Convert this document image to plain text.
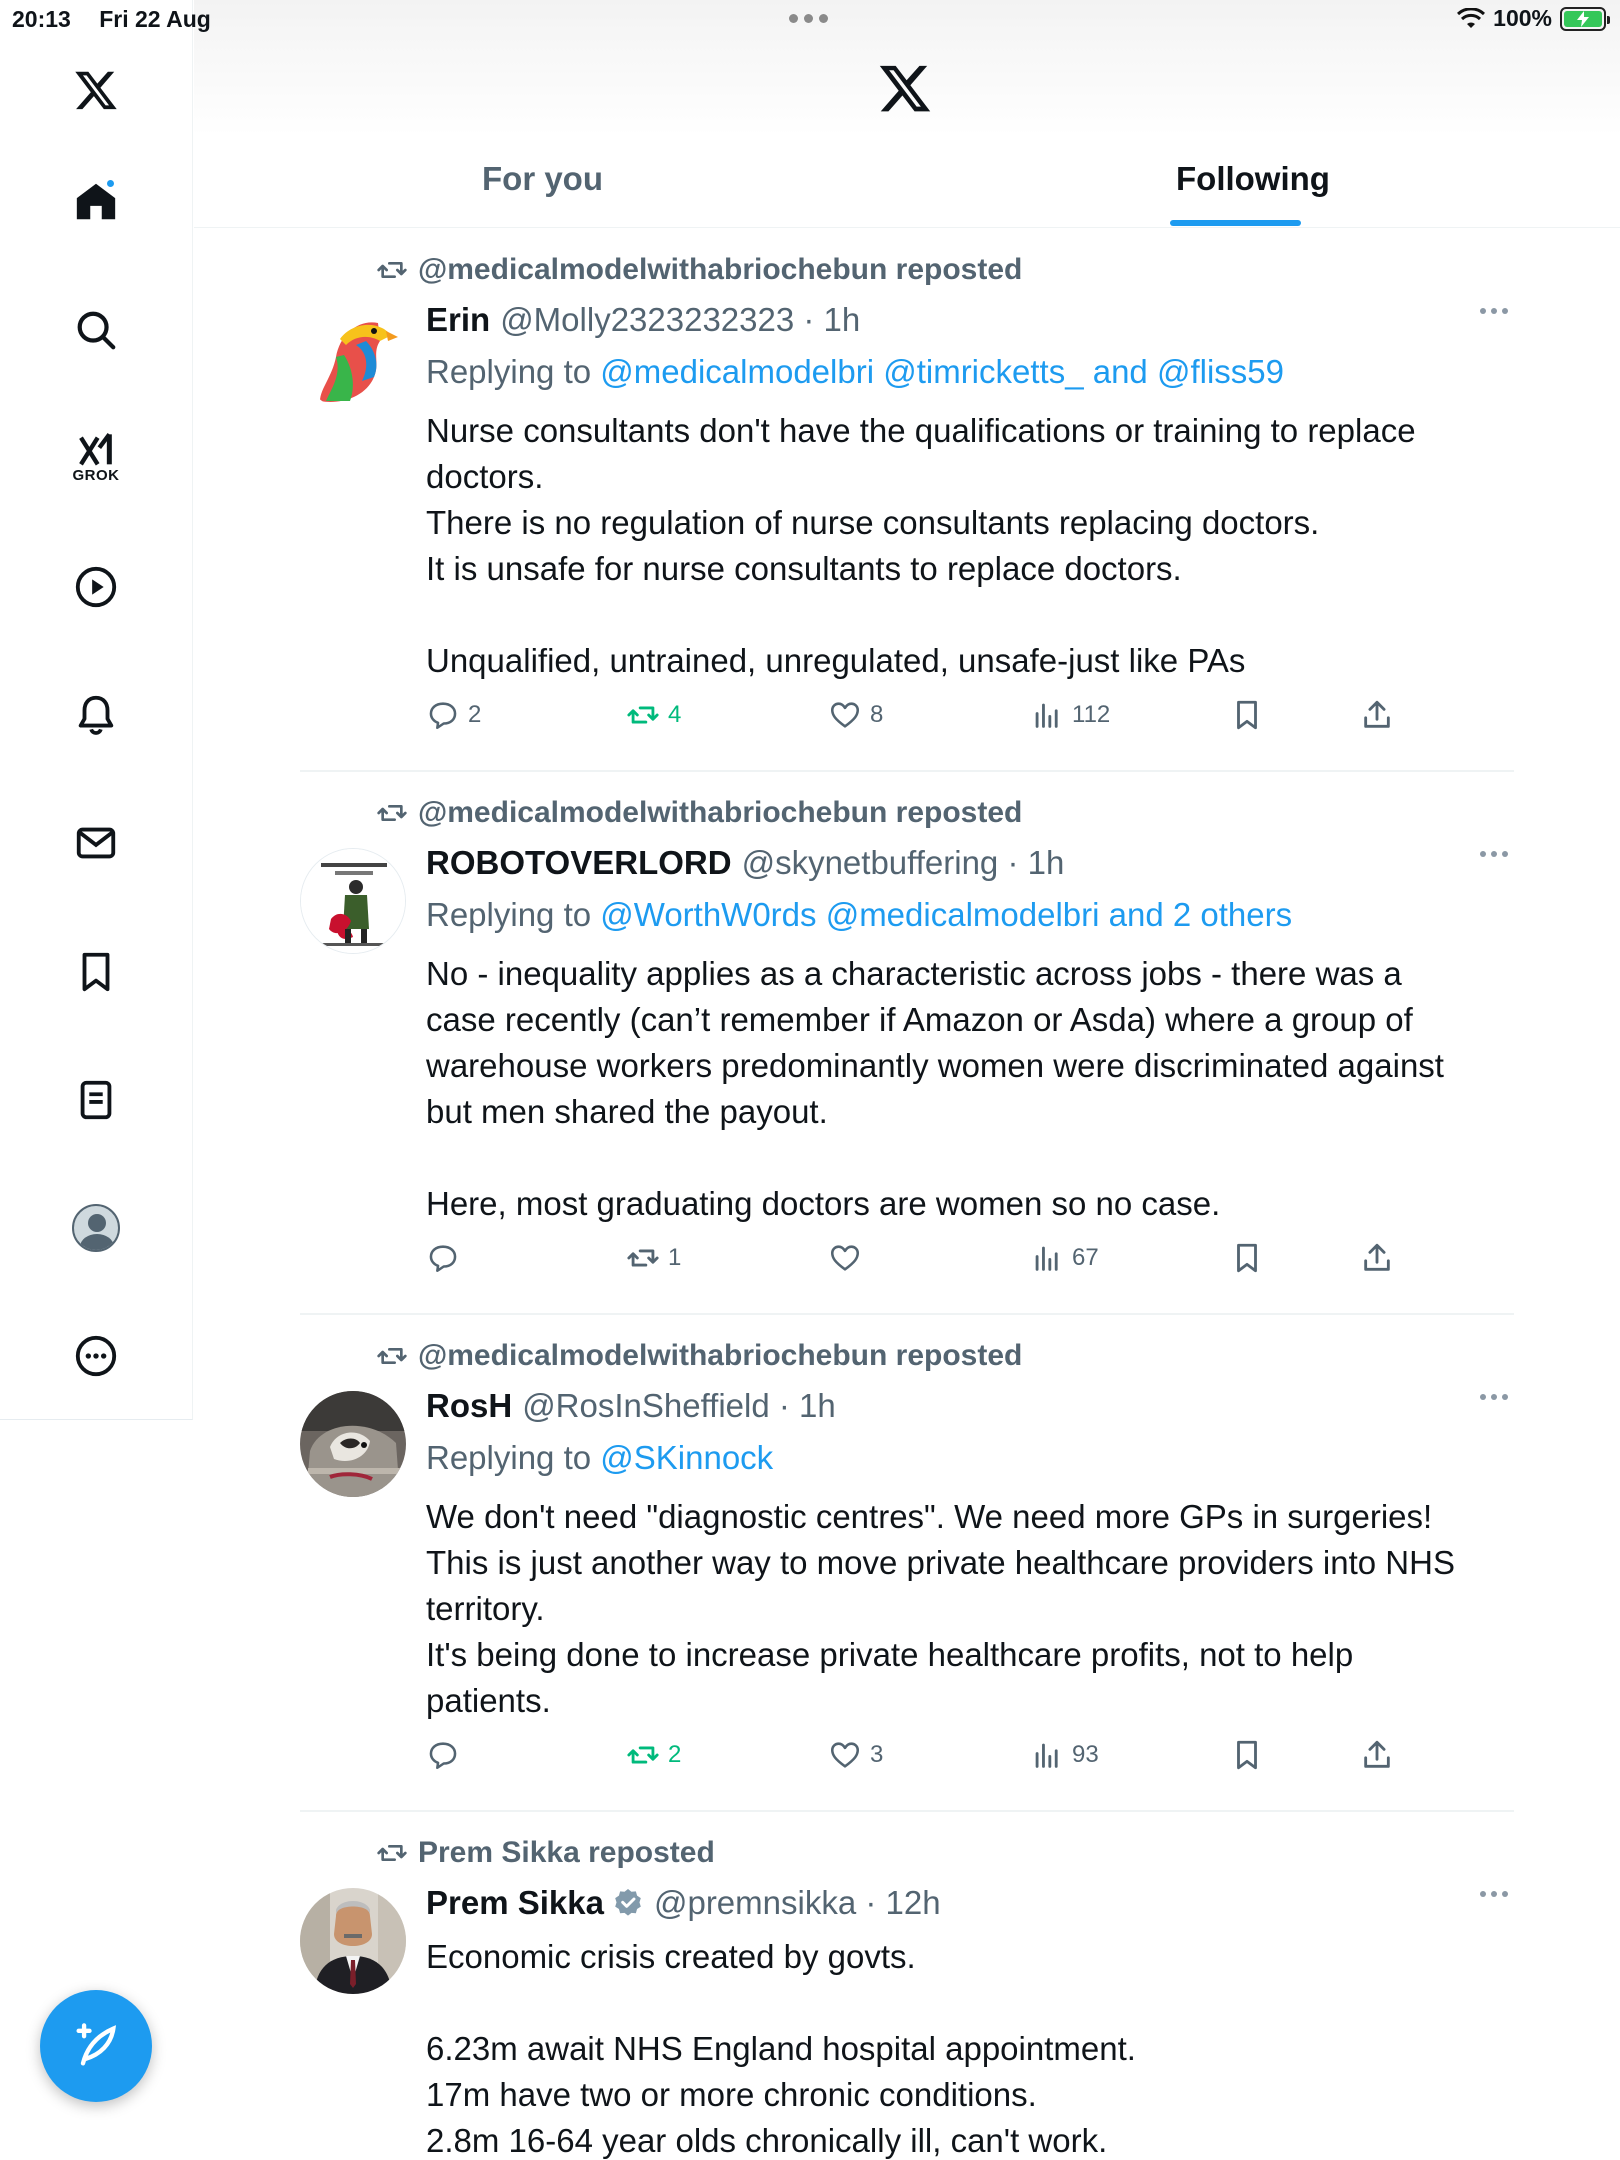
20:13 Fri 22 Aug	100%
GROK
For you	Following
@medicalmodelwithabriochebun reposted
Erin @Molly2323232323 · 1h
Replying to @medicalmodelbri @timricketts_ and @fliss59

Nurse consultants don't have the qualifications or training to replace

doctors.

There is no regulation of nurse consultants replacing doctors.

It is unsafe for nurse consultants to replace doctors.

Unqualified, untrained, unregulated, unsafe-just like PAs

2	4	8	112
@medicalmodelwithabriochebun reposted
ROBOTOVERLORD @skynetbuffering · 1h
Replying to @WorthW0rds @medicalmodelbri and 2 others

No - inequality applies as a characteristic across jobs - there was a

case recently (can’t remember if Amazon or Asda) where a group of

warehouse workers predominantly women were discriminated against

but men shared the payout.

Here, most graduating doctors are women so no case.

1	67
@medicalmodelwithabriochebun reposted
RosH @RosInSheffield · 1h
Replying to @SKinnock

We don't need "diagnostic centres". We need more GPs in surgeries!

This is just another way to move private healthcare providers into NHS

territory.

It's being done to increase private healthcare profits, not to help

patients.

2	3	93
Prem Sikka reposted
Prem Sikka @premnsikka · 12h

Economic crisis created by govts.

6.23m await NHS England hospital appointment.

17m have two or more chronic conditions.

2.8m 16-64 year olds chronically ill, can't work.
